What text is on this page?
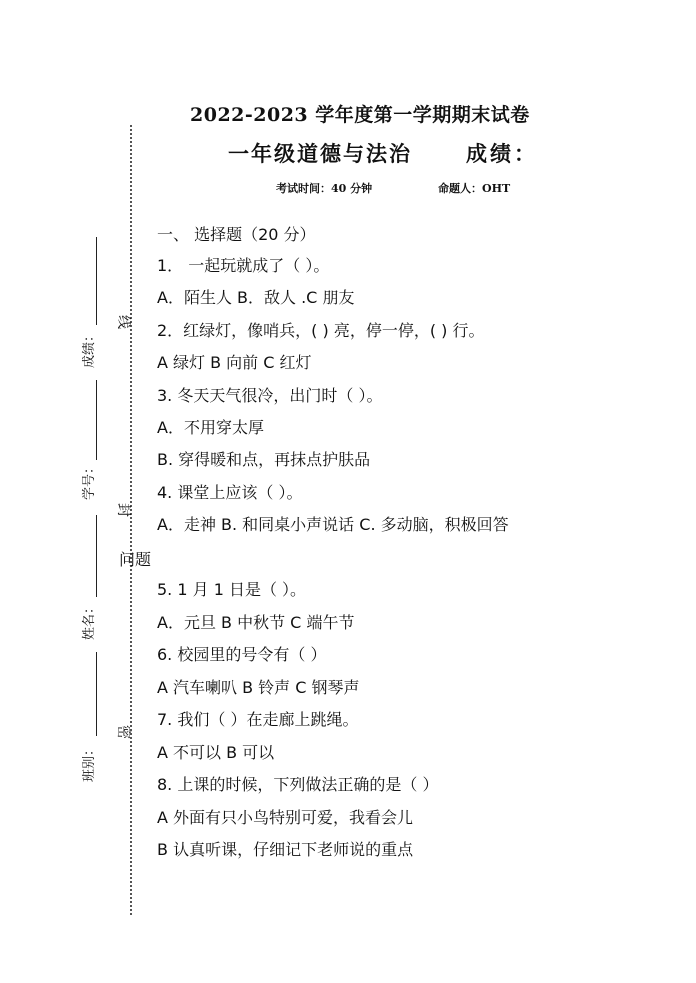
成绩：
学号：
姓名：
班别：
线
封
密
2022-2023 学年度第一学期期末试卷
一年级道德与法治	成绩：
考试时间：40 分钟	命题人：OHT
一、 选择题（20 分）
1． 一起玩就成了（ ）。
A．陌生人 B．敌人 .C 朋友
2．红绿灯，像哨兵，( ) 亮，停一停，( ) 行。
A 绿灯 B 向前 C 红灯
3. 冬天天气很冷，出门时（ ）。
A．不用穿太厚
B. 穿得暖和点，再抹点护肤品
4. 课堂上应该（ ）。
A．走神 B. 和同桌小声说话 C. 多动脑，积极回答
问题
5. 1 月 1 日是（ ）。
A．元旦 B 中秋节 C 端午节
6. 校园里的号令有（ ）
A 汽车喇叭 B 铃声 C 钢琴声
7. 我们（ ）在走廊上跳绳。
A 不可以 B 可以
8. 上课的时候，下列做法正确的是（ ）
A 外面有只小鸟特别可爱，我看会儿
B 认真听课，仔细记下老师说的重点
